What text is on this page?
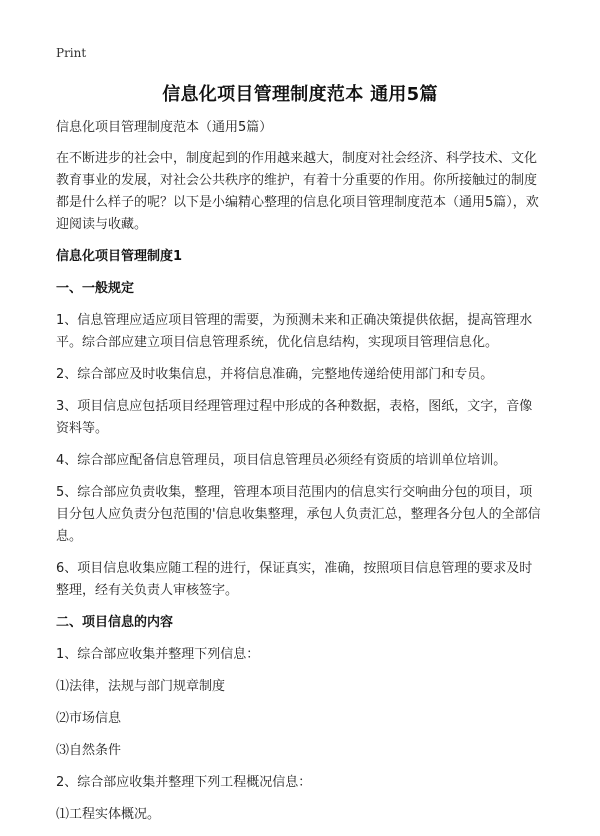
Print
信息化项目管理制度范本 通用5篇
信息化项目管理制度范本（通用5篇）
在不断进步的社会中，制度起到的作用越来越大，制度对社会经济、科学技术、文化教育事业的发展，对社会公共秩序的维护，有着十分重要的作用。你所接触过的制度都是什么样子的呢？以下是小编精心整理的信息化项目管理制度范本（通用5篇），欢迎阅读与收藏。
信息化项目管理制度1
一、一般规定
1、信息管理应适应项目管理的需要，为预测未来和正确决策提供依据，提高管理水平。综合部应建立项目信息管理系统，优化信息结构，实现项目管理信息化。
2、综合部应及时收集信息，并将信息准确，完整地传递给使用部门和专员。
3、项目信息应包括项目经理管理过程中形成的各种数据，表格，图纸，文字，音像资料等。
4、综合部应配备信息管理员，项目信息管理员必须经有资质的培训单位培训。
5、综合部应负责收集，整理，管理本项目范围内的信息实行交响曲分包的项目，项目分包人应负责分包范围的'信息收集整理，承包人负责汇总，整理各分包人的全部信息。
6、项目信息收集应随工程的进行，保证真实，准确，按照项目信息管理的要求及时整理，经有关负责人审核签字。
二、项目信息的内容
1、综合部应收集并整理下列信息：
⑴法律，法规与部门规章制度
⑵市场信息
⑶自然条件
2、综合部应收集并整理下列工程概况信息：
⑴工程实体概况。
